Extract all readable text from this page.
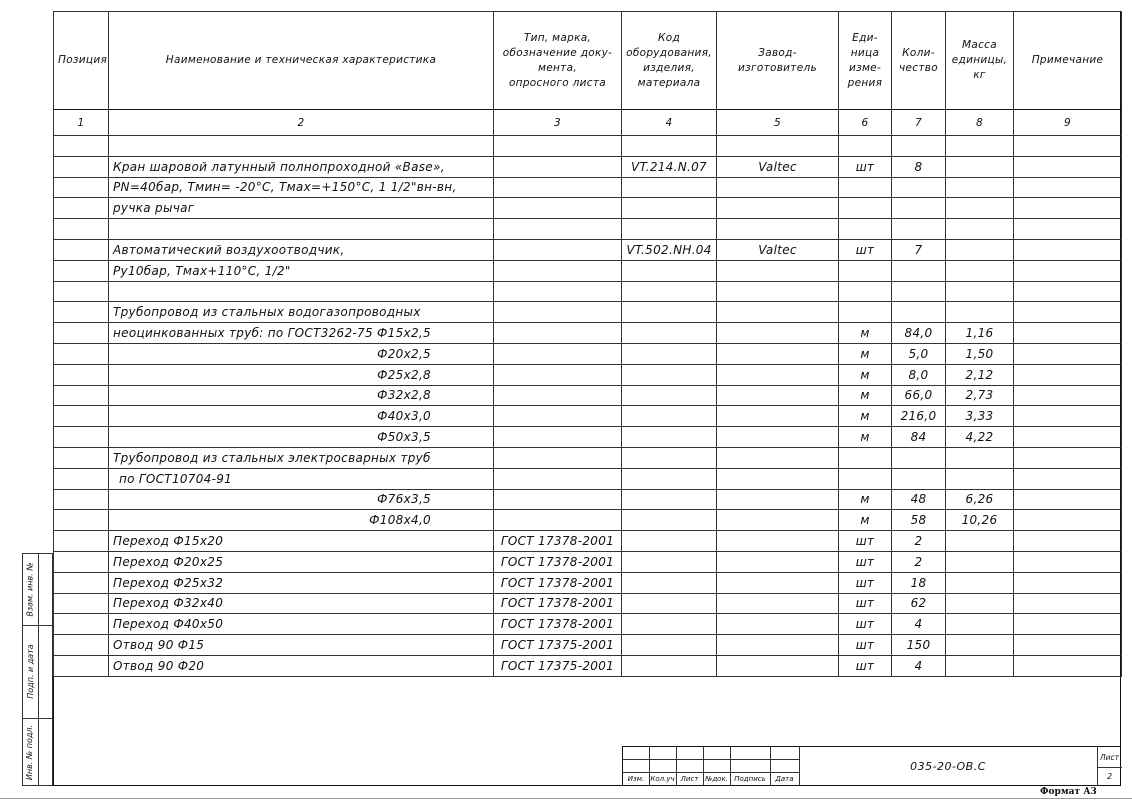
Позиция	Наименование и техническая характеристика	Тип, марка,
обозначение доку-
мента,
опросного листа	Код
оборудования,
изделия,
материала	Завод-
изготовитель	Еди-
ница
изме-
рения	Коли-
чество	Масса
единицы,
кг	Примечание
1	2	3	4	5	6	7	8	9

	Кран шаровой латунный полнопроходной «Base»,		VT.214.N.07	Valtec	шт	8		
	PN=40бар, Tмин= -20°C, Tмах=+150°C, 1 1/2"вн-вн,							
	ручка рычаг							

	Автоматический воздухоотводчик,		VT.502.NH.04	Valtec	шт	7		
	Ру10бар, Тмах+110°C, 1/2"							

	Трубопровод из стальных водогазопроводных							
	неоцинкованных труб: по ГОСТ3262-75 Ф15х2,5				м	84,0	1,16	
	Ф20х2,5				м	5,0	1,50	
	Ф25х2,8				м	8,0	2,12	
	Ф32х2,8				м	66,0	2,73	
	Ф40х3,0				м	216,0	3,33	
	Ф50х3,5				м	84	4,22	
	Трубопровод из стальных электросварных труб							
	по ГОСТ10704-91							
	Ф76х3,5				м	48	6,26	
	Ф108х4,0				м	58	10,26	
	Переход Ф15х20	ГОСТ 17378-2001			шт	2		
	Переход Ф20х25	ГОСТ 17378-2001			шт	2		
	Переход Ф25х32	ГОСТ 17378-2001			шт	18		
	Переход Ф32х40	ГОСТ 17378-2001			шт	62		
	Переход Ф40х50	ГОСТ 17378-2001			шт	4		
	Отвод 90 Ф15	ГОСТ 17375-2001			шт	150		
	Отвод 90 Ф20	ГОСТ 17375-2001			шт	4		
Взам. инв. №
Подп. и дата
Инв. № подл.	Изм. Кол.уч Лист №док. Подпись	Дата
Лист
2
035-20-ОВ.С
Формат А3
